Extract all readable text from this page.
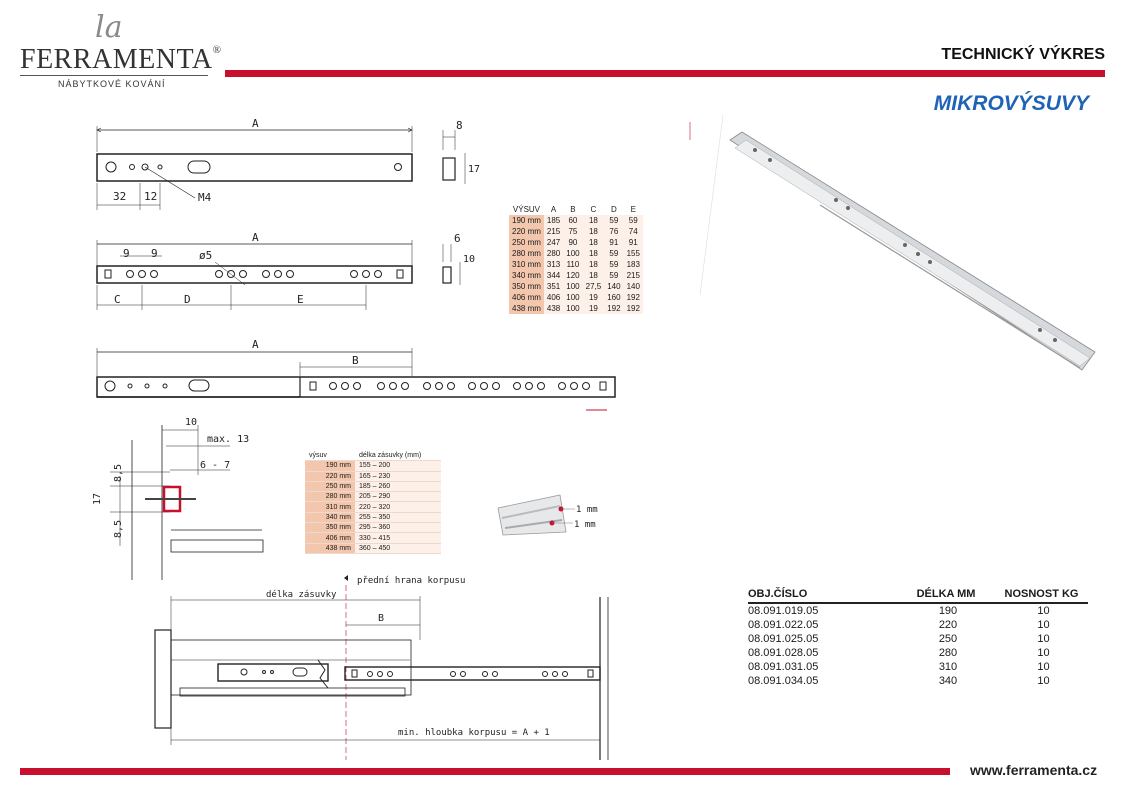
la
FERRAMENTA®
NÁBYTKOVÉ KOVÁNÍ
TECHNICKÝ VÝKRES
MIKROVÝSUVY
A
32 12	M4
8
17
A
9 9	ø5
C	D	E
6
10
A
B
10
max. 13
6 - 7
8,5
17
8,5
přední hrana korpusu
délka zásuvky
B
min. hloubka korpusu = A + 1
1 mm
1 mm
VÝSUV	A	B	C	D	E
190 mm	185	60	18	59	59
220 mm	215	75	18	76	74
250 mm	247	90	18	91	91
280 mm	280	100	18	59	155
310 mm	313	110	18	59	183
340 mm	344	120	18	59	215
350 mm	351	100	27,5	140	140
406 mm	406	100	19	160	192
438 mm	438	100	19	192	192
výsuv	délka zásuvky (mm)
190 mm	155 – 200
220 mm	165 – 230
250 mm	185 – 260
280 mm	205 – 290
310 mm	220 – 320
340 mm	255 – 350
350 mm	295 – 360
406 mm	330 – 415
438 mm	360 – 450
OBJ.ČÍSLO	DÉLKA MM	NOSNOST KG
08.091.019.05	190	10
08.091.022.05	220	10
08.091.025.05	250	10
08.091.028.05	280	10
08.091.031.05	310	10
08.091.034.05	340	10
www.ferramenta.cz
